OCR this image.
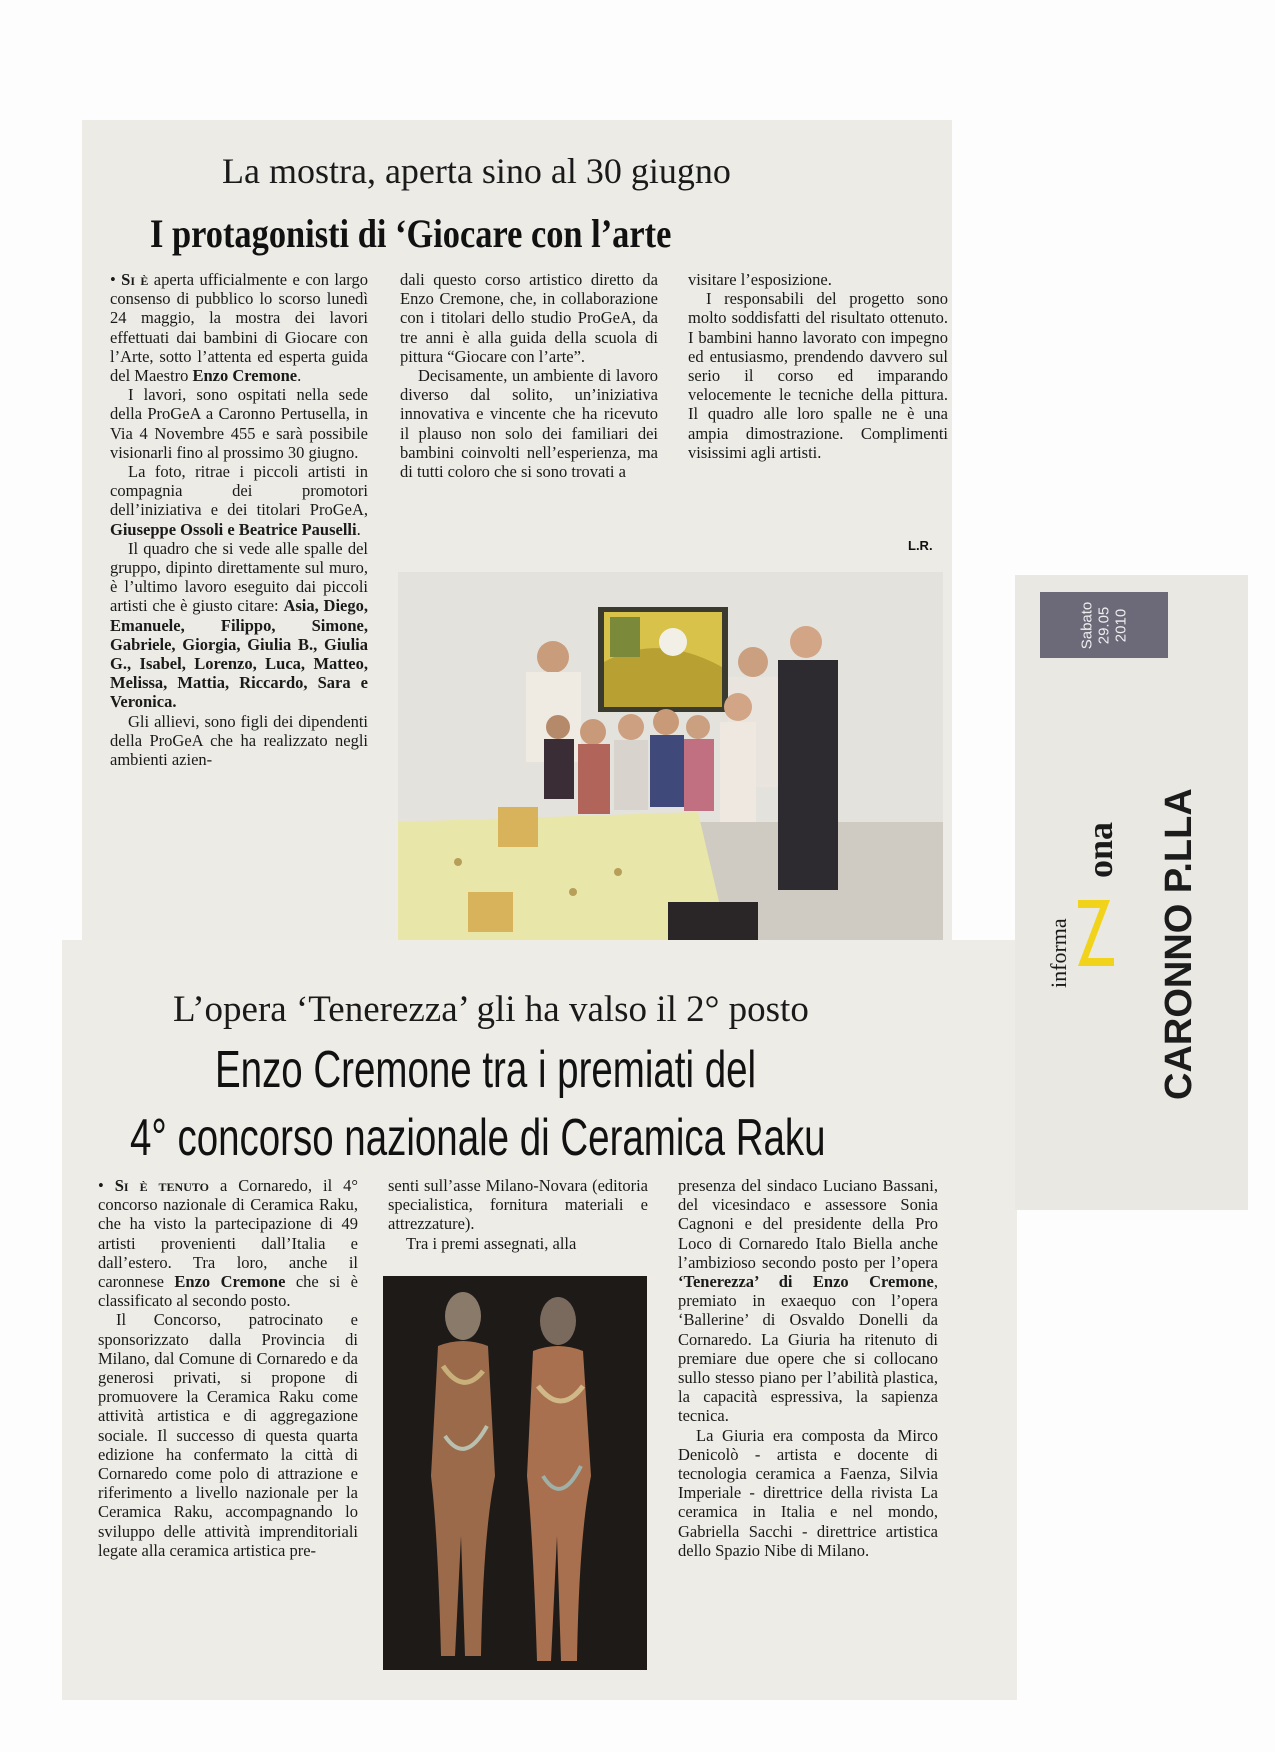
La mostra, aperta sino al 30 giugno
I protagonisti di ‘Giocare con l’arte

• Si è aperta ufficialmente e con largo consenso di pubblico lo scorso lunedì 24 maggio, la mostra dei lavori effettuati dai bambini di Giocare con l’Arte, sotto l’attenta ed esperta guida del Maestro Enzo Cremone.

I lavori, sono ospitati nella sede della ProGeA a Caronno Pertusella, in Via 4 Novembre 455 e sarà possibile visionarli fino al prossimo 30 giugno.

La foto, ritrae i piccoli artisti in compagnia dei promotori dell’iniziativa e dei titolari ProGeA, Giuseppe Ossoli e Beatrice Pauselli.

Il quadro che si vede alle spalle del gruppo, dipinto direttamente sul muro, è l’ultimo lavoro eseguito dai piccoli artisti che è giusto citare: Asia, Diego, Emanuele, Filippo, Simone, Gabriele, Giorgia, Giulia B., Giulia G., Isabel, Lorenzo, Luca, Matteo, Melissa, Mattia, Riccardo, Sara e Veronica.

Gli allievi, sono figli dei dipendenti della ProGeA che ha realizzato negli ambienti azien-

dali questo corso artistico diretto da Enzo Cremone, che, in collaborazione con i titolari dello studio ProGeA, da tre anni è alla guida della scuola di pittura “Giocare con l’arte”.

Decisamente, un ambiente di lavoro diverso dal solito, un’iniziativa innovativa e vincente che ha ricevuto il plauso non solo dei familiari dei bambini coinvolti nell’esperienza, ma di tutti coloro che si sono trovati a

visitare l’esposizione.

I responsabili del progetto sono molto soddisfatti del risultato ottenuto. I bambini hanno lavorato con impegno ed entusiasmo, prendendo davvero sul serio il corso ed imparando velocemente le tecniche della pittura. Il quadro alle loro spalle ne è una ampia dimostrazione. Complimenti visissimi agli artisti.

L.R.
L’opera ‘Tenerezza’ gli ha valso il 2° posto
Enzo Cremone tra i premiati del
4° concorso nazionale di Ceramica Raku

• Si è tenuto a Cornaredo, il 4° concorso nazionale di Ceramica Raku, che ha visto la partecipazione di 49 artisti provenienti dall’Italia e dall’estero. Tra loro, anche il caronnese Enzo Cremone che si è classificato al secondo posto.

Il Concorso, patrocinato e sponsorizzato dalla Provincia di Milano, dal Comune di Cornaredo e da generosi privati, si propone di promuovere la Ceramica Raku come attività artistica e di aggregazione sociale. Il successo di questa quarta edizione ha confermato la città di Cornaredo come polo di attrazione e riferimento a livello nazionale per la Ceramica Raku, accompagnando lo sviluppo delle attività imprenditoriali legate alla ceramica artistica pre-

senti sull’asse Milano-Novara (editoria specialistica, fornitura materiali e attrezzature).

Tra i premi assegnati, alla

presenza del sindaco Luciano Bassani, del vicesindaco e assessore Sonia Cagnoni e del presidente della Pro Loco di Cornaredo Italo Biella anche l’ambizioso secondo posto per l’opera ‘Tenerezza’ di Enzo Cremone, premiato in exaequo con l’opera ‘Ballerine’ di Osvaldo Donelli da Cornaredo. La Giuria ha ritenuto di premiare due opere che si collocano sullo stesso piano per l’abilità plastica, la capacità espressiva, la sapienza tecnica.

La Giuria era composta da Mirco Denicolò - artista e docente di tecnologia ceramica a Faenza, Silvia Imperiale - direttrice della rivista La ceramica in Italia e nel mondo, Gabriella Sacchi - direttrice artistica dello Spazio Nibe di Milano.

Sabato 29.05 2010
informa
ona CARONNO P.LLA
